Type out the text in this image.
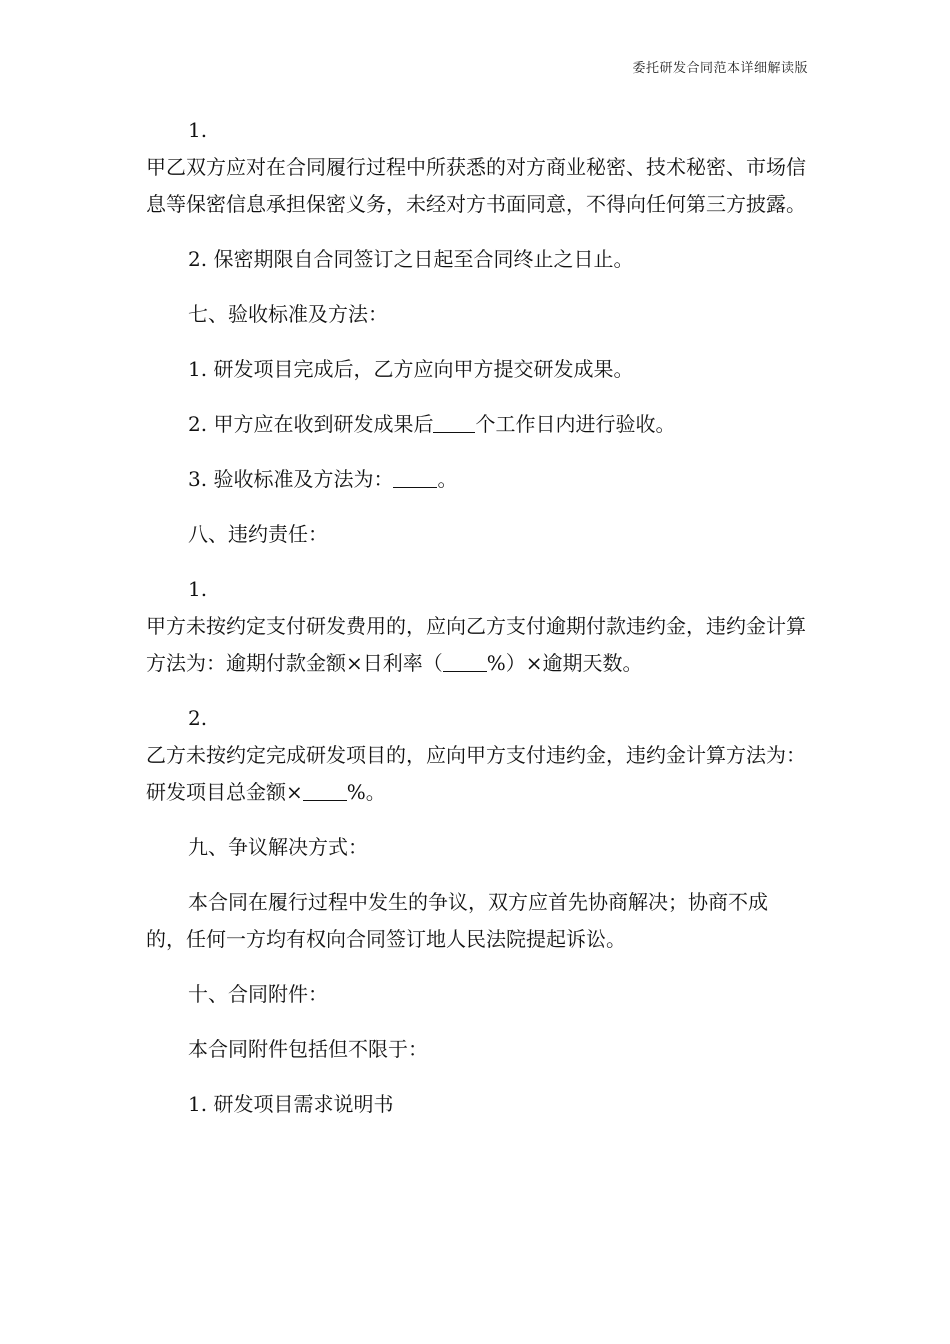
委托研发合同范本详细解读版
1.
甲乙双方应对在合同履行过程中所获悉的对方商业秘密、技术秘密、市场信息等保密信息承担保密义务，未经对方书面同意，不得向任何第三方披露。
2. 保密期限自合同签订之日起至合同终止之日止。
七、验收标准及方法：
1. 研发项目完成后，乙方应向甲方提交研发成果。
2. 甲方应在收到研发成果后 个工作日内进行验收。
3. 验收标准及方法为： 。
八、违约责任：
1.
甲方未按约定支付研发费用的，应向乙方支付逾期付款违约金，违约金计算方法为：逾期付款金额×日利率（ %）×逾期天数。
2.
乙方未按约定完成研发项目的，应向甲方支付违约金，违约金计算方法为：研发项目总金额× %。
九、争议解决方式：
本合同在履行过程中发生的争议，双方应首先协商解决；协商不成的，任何一方均有权向合同签订地人民法院提起诉讼。
十、合同附件：
本合同附件包括但不限于：
1. 研发项目需求说明书
